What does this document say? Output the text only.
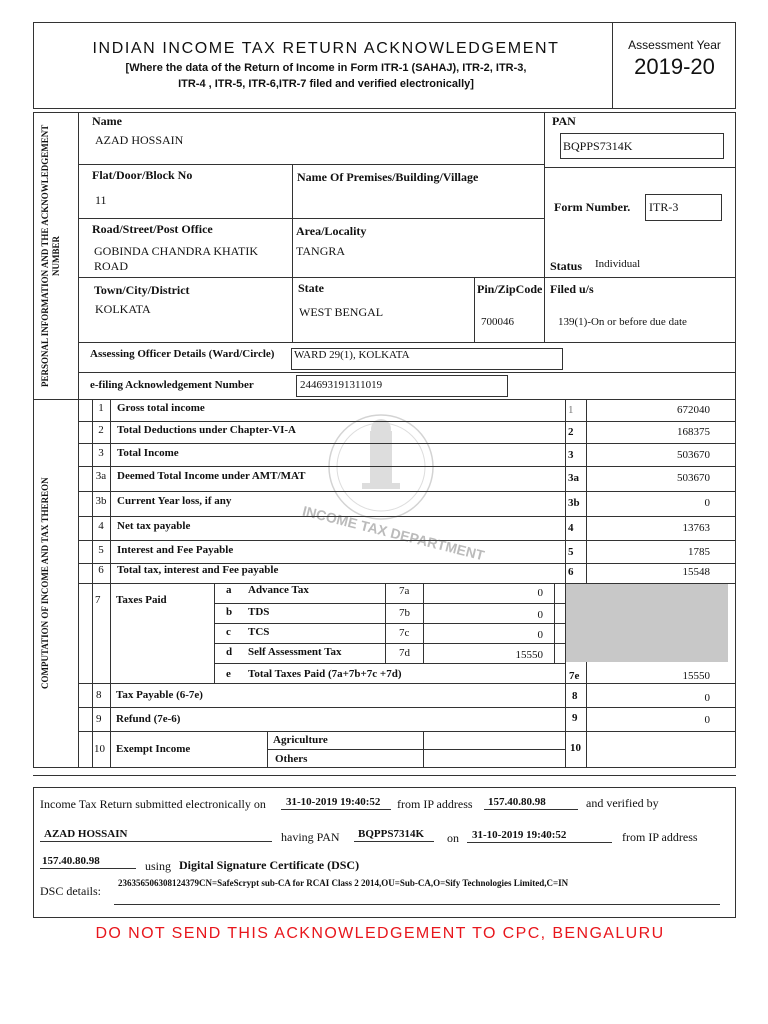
INDIAN INCOME TAX RETURN ACKNOWLEDGEMENT
[Where the data of the Return of Income in Form ITR-1 (SAHAJ), ITR-2, ITR-3,
ITR-4 , ITR-5, ITR-6,ITR-7 filed and verified electronically]
Assessment Year
2019-20
PERSONAL INFORMATION AND THE ACKNOWLEDGEMENT NUMBER
Name
AZAD HOSSAIN
PAN
BQPPS7314K
Flat/Door/Block No
11
Name Of Premises/Building/Village
Form Number. ITR-3
Road/Street/Post Office
GOBINDA CHANDRA KHATIK
ROAD
Area/Locality
TANGRA
Status Individual
Town/City/District
KOLKATA
State
WEST BENGAL
Pin/ZipCode
700046
Filed u/s
139(1)-On or before due date
Assessing Officer Details (Ward/Circle) WARD 29(1), KOLKATA
e-filing Acknowledgement Number	244693191311019
COMPUTATION OF INCOME AND TAX THEREON	INCOME TAX DEPARTMENT
1	Gross total income	1	672040
2	Total Deductions under Chapter-VI-A	2	168375
3	Total Income	3	503670
3a Deemed Total Income under AMT/MAT	3a	503670
3b Current Year loss, if any	3b	0
4	Net tax payable	4	13763
5	Interest and Fee Payable	5	1785
6	Total tax, interest and Fee payable	6	15548
7 Taxes Paid
a Advance Tax	7a	0
b TDS	7b	0
c TCS	7c	0
d Self Assessment Tax	7d	15550
e Total Taxes Paid (7a+7b+7c +7d)	7e	15550
8 Tax Payable (6-7e)	8	0
9 Refund (7e-6)	9	0
10 Exempt Income
Agriculture
Others
10
Income Tax Return submitted electronically on 31-10-2019 19:40:52 from IP address 157.40.80.98	and verified by
AZAD HOSSAIN	having PAN BQPPS7314K on 31-10-2019 19:40:52	from IP address
157.40.80.98	using Digital Signature Certificate (DSC)
DSC details:
236356506308124379CN=SafeScrypt sub-CA for RCAI Class 2 2014,OU=Sub-CA,O=Sify Technologies Limited,C=IN
DO NOT SEND THIS ACKNOWLEDGEMENT TO CPC, BENGALURU
